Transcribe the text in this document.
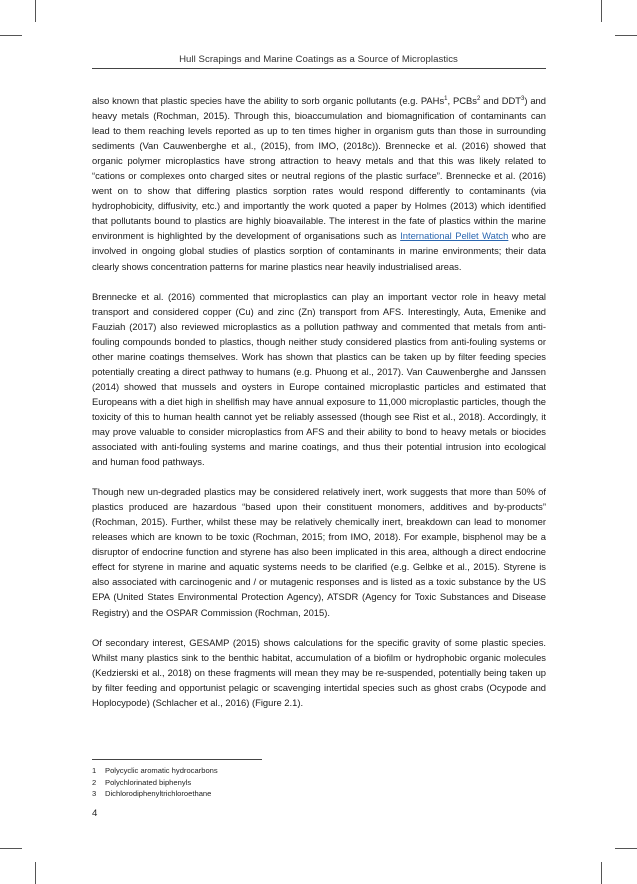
Hull Scrapings and Marine Coatings as a Source of Microplastics

also known that plastic species have the ability to sorb organic pollutants (e.g. PAHs$^1$, PCBs$^2$ and DDT$^3$) and heavy metals (Rochman, 2015). Through this, bioaccumulation and biomagnification of contaminants can lead to them reaching levels reported as up to ten times higher in organism guts than those in surrounding sediments (Van Cauwenberghe et al., (2015), from IMO, (2018c)). Brennecke et al. (2016) showed that organic polymer microplastics have strong attraction to heavy metals and that this was likely related to “cations or complexes onto charged sites or neutral regions of the plastic surface”. Brennecke et al. (2016) went on to show that differing plastics sorption rates would respond differently to contaminants (via hydrophobicity, diffusivity, etc.) and importantly the work quoted a paper by Holmes (2013) which identified that pollutants bound to plastics are highly bioavailable. The interest in the fate of plastics within the marine environment is highlighted by the development of organisations such as International Pellet Watch who are involved in ongoing global studies of plastics sorption of contaminants in marine environments; their data clearly shows concentration patterns for marine plastics near heavily industrialised areas.

Brennecke et al. (2016) commented that microplastics can play an important vector role in heavy metal transport and considered copper (Cu) and zinc (Zn) transport from AFS. Interestingly, Auta, Emenike and Fauziah (2017) also reviewed microplastics as a pollution pathway and commented that metals from anti-fouling compounds bonded to plastics, though neither study considered plastics from anti-fouling systems or other marine coatings themselves. Work has shown that plastics can be taken up by filter feeding species potentially creating a direct pathway to humans (e.g. Phuong et al., 2017). Van Cauwenberghe and Janssen (2014) showed that mussels and oysters in Europe contained microplastic particles and estimated that Europeans with a diet high in shellfish may have annual exposure to 11,000 microplastic particles, though the toxicity of this to human health cannot yet be reliably assessed (though see Rist et al., 2018). Accordingly, it may prove valuable to consider microplastics from AFS and their ability to bond to heavy metals or biocides associated with anti-fouling systems and marine coatings, and thus their potential intrusion into ecological and human food pathways.

Though new un-degraded plastics may be considered relatively inert, work suggests that more than 50% of plastics produced are hazardous “based upon their constituent monomers, additives and by-products” (Rochman, 2015). Further, whilst these may be relatively chemically inert, breakdown can lead to monomer releases which are known to be toxic (Rochman, 2015; from IMO, 2018). For example, bisphenol may be a disruptor of endocrine function and styrene has also been implicated in this area, although a direct endocrine effect for styrene in marine and aquatic systems needs to be clarified (e.g. Gelbke et al., 2015). Styrene is also associated with carcinogenic and / or mutagenic responses and is listed as a toxic substance by the US EPA (United States Environmental Protection Agency), ATSDR (Agency for Toxic Substances and Disease Registry) and the OSPAR Commission (Rochman, 2015).

Of secondary interest, GESAMP (2015) shows calculations for the specific gravity of some plastic species. Whilst many plastics sink to the benthic habitat, accumulation of a biofilm or hydrophobic organic molecules (Kedzierski et al., 2018) on these fragments will mean they may be re-suspended, potentially being taken up by filter feeding and opportunist pelagic or scavenging intertidal species such as ghost crabs (Ocypode and Hoplocypode) (Schlacher et al., 2016) (Figure 2.1).

1 Polycyclic aromatic hydrocarbons
2 Polychlorinated biphenyls
3 Dichlorodiphenyltrichloroethane
4
